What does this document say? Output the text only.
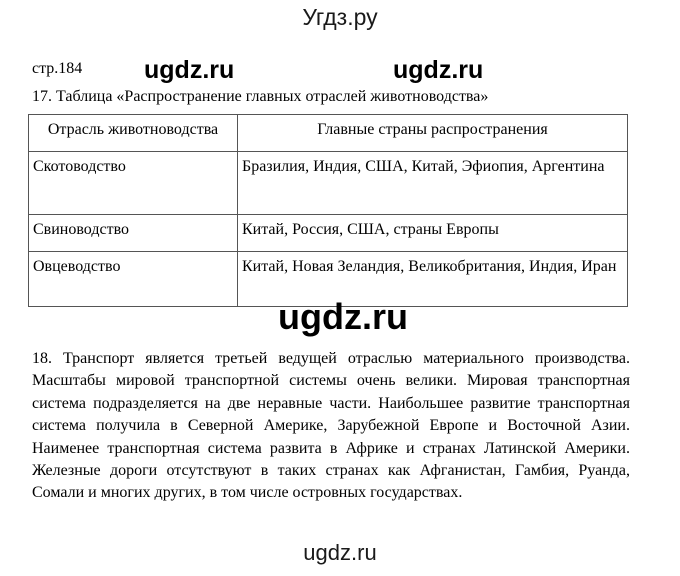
Угдз.ру
стр.184 ugdz.ru	ugdz.ru
17. Таблица «Распространение главных отраслей животноводства»
Отрасль животноводства	Главные страны распространения
Скотоводство	Бразилия, Индия, США, Китай, Эфиопия, Аргентина
Свиноводство	Китай, Россия, США, страны Европы
Овцеводство	Китай, Новая Зеландия, Великобритания, Индия, Иран
ugdz.ru
18. Транспорт является третьей ведущей отраслью материального производства. Масштабы мировой транспортной системы очень велики. Мировая транспортная система подразделяется на две неравные части. Наибольшее развитие транспортная система получила в Северной Америке, Зарубежной Европе и Восточной Азии. Наименее транспортная система развита в Африке и странах Латинской Америки. Железные дороги отсутствуют в таких странах как Афганистан, Гамбия, Руанда, Сомали и многих других, в том числе островных государствах.
ugdz.ru
